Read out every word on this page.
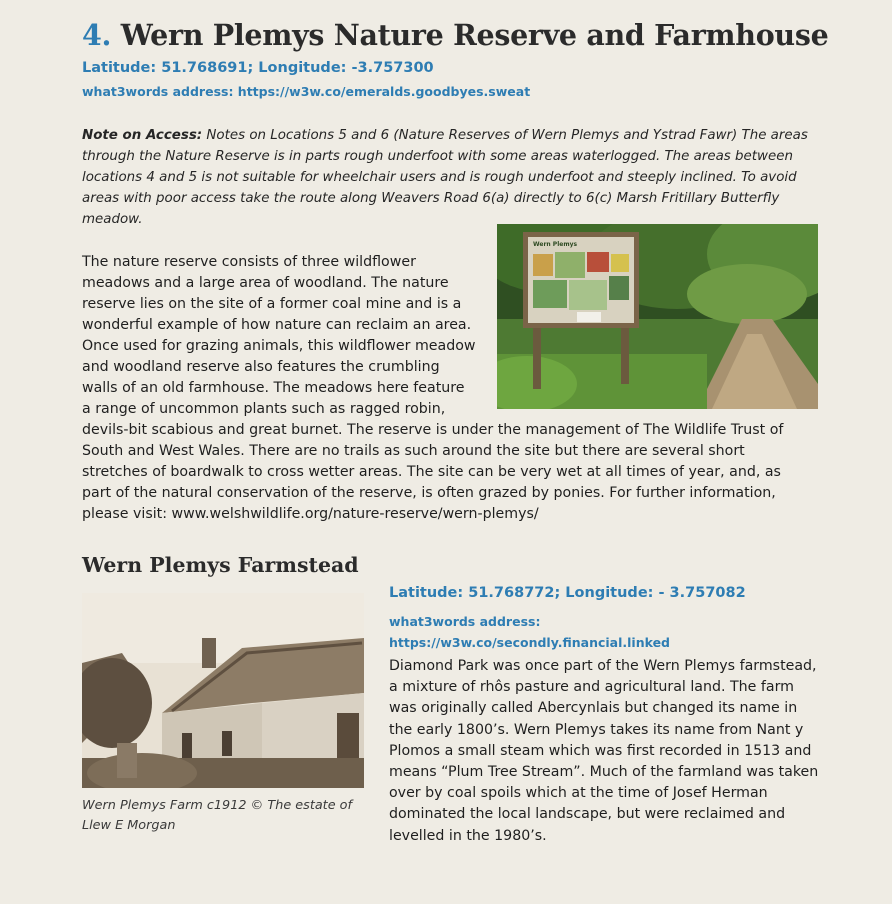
4. Wern Plemys Nature Reserve and Farmhouse
Latitude: 51.768691; Longitude: -3.757300
what3words address: https://w3w.co/emeralds.goodbyes.sweat
Note on Access: Notes on Locations 5 and 6 (Nature Reserves of Wern Plemys and Ystrad Fawr) The areas through the Nature Reserve is in parts rough underfoot with some areas waterlogged. The areas between locations 4 and 5 is not suitable for wheelchair users and is rough underfoot and steeply inclined. To avoid areas with poor access take the route along Weavers Road 6(a) directly to 6(c) Marsh Fritillary Butterfly meadow.
Wern Plemys
The nature reserve consists of three wildflower meadows and a large area of woodland. The nature reserve lies on the site of a former coal mine and is a wonderful example of how nature can reclaim an area. Once used for grazing animals, this wildflower meadow and woodland reserve also features the crumbling walls of an old farmhouse. The meadows here feature a range of uncommon plants such as ragged robin, devils-bit scabious and great burnet. The reserve is under the management of The Wildlife Trust of South and West Wales. There are no trails as such around the site but there are several short stretches of boardwalk to cross wetter areas. The site can be very wet at all times of year, and, as part of the natural conservation of the reserve, is often grazed by ponies. For further information, please visit: www.welshwildlife.org/nature-reserve/wern-plemys/
Wern Plemys Farmstead
Wern Plemys Farm c1912 © The estate of Llew E Morgan
Latitude: 51.768772; Longitude: - 3.757082
what3words address: https://w3w.co/secondly.financial.linked
Diamond Park was once part of the Wern Plemys farmstead, a mixture of rhôs pasture and agricultural land. The farm was originally called Abercynlais but changed its name in the early 1800’s. Wern Plemys takes its name from Nant y Plomos a small steam which was first recorded in 1513 and means “Plum Tree Stream”. Much of the farmland was taken over by coal spoils which at the time of Josef Herman dominated the local landscape, but were reclaimed and levelled in the 1980’s.
